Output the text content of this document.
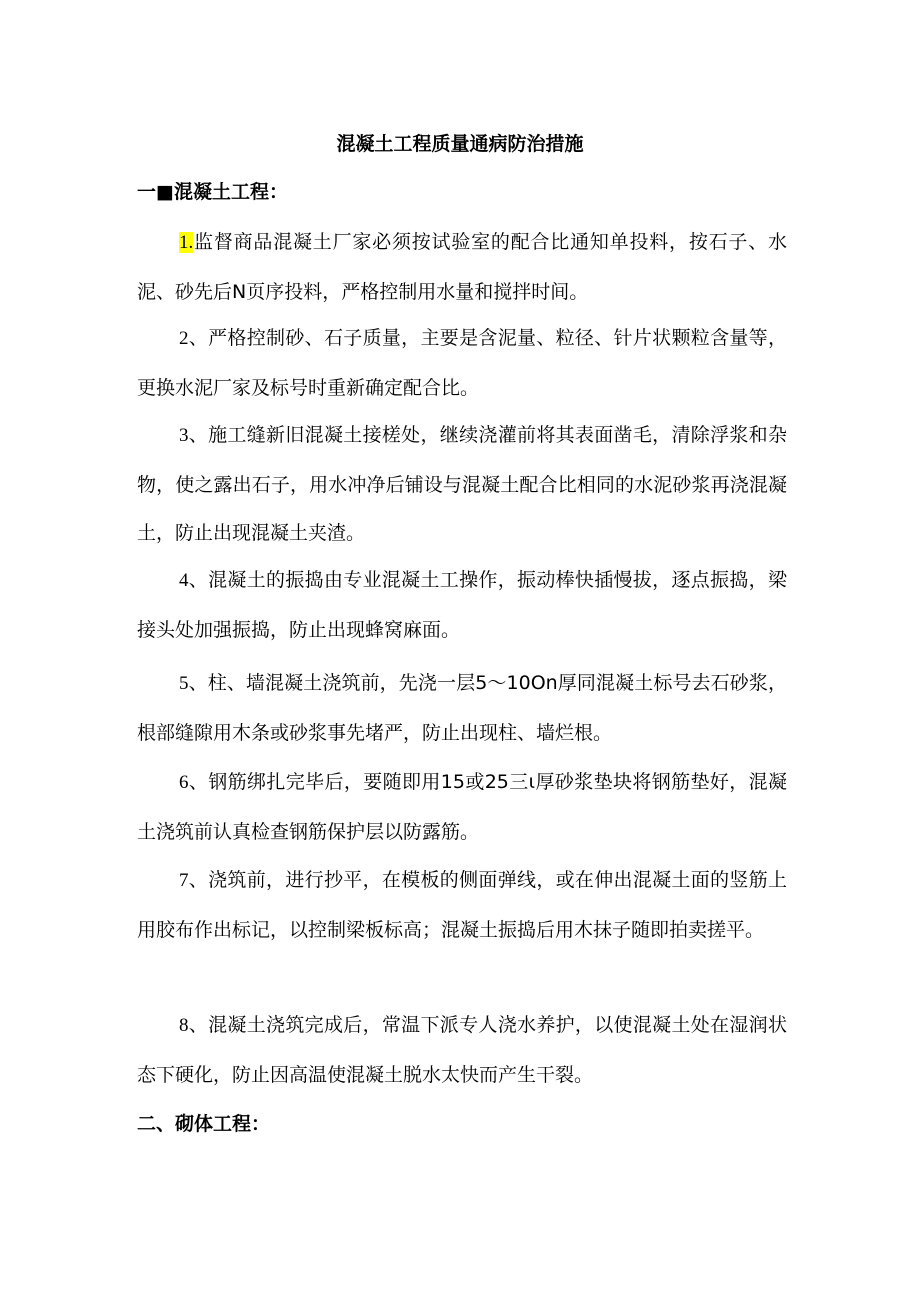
混凝土工程质量通病防治措施
一■混凝土工程：
1.监督商品混凝土厂家必须按试验室的配合比通知单投料，按石子、水泥、砂先后N页序投料，严格控制用水量和搅拌时间。
2、严格控制砂、石子质量，主要是含泥量、粒径、针片状颗粒含量等，更换水泥厂家及标号时重新确定配合比。
3、施工缝新旧混凝土接槎处，继续浇灌前将其表面凿毛，清除浮浆和杂物，使之露出石子，用水冲净后铺设与混凝土配合比相同的水泥砂浆再浇混凝土，防止出现混凝土夹渣。
4、混凝土的振捣由专业混凝土工操作，振动棒快插慢拔，逐点振捣，梁接头处加强振捣，防止出现蜂窝麻面。
5、柱、墙混凝土浇筑前，先浇一层5～10On厚同混凝土标号去石砂浆，根部缝隙用木条或砂浆事先堵严，防止出现柱、墙烂根。
6、钢筋绑扎完毕后，要随即用15或25三ι厚砂浆垫块将钢筋垫好，混凝土浇筑前认真检查钢筋保护层以防露筋。
7、浇筑前，进行抄平，在模板的侧面弹线，或在伸出混凝土面的竖筋上用胶布作出标记，以控制梁板标高；混凝土振捣后用木抹子随即拍卖搓平。
8、混凝土浇筑完成后，常温下派专人浇水养护，以使混凝土处在湿润状态下硬化，防止因高温使混凝土脱水太快而产生干裂。
二、砌体工程：
